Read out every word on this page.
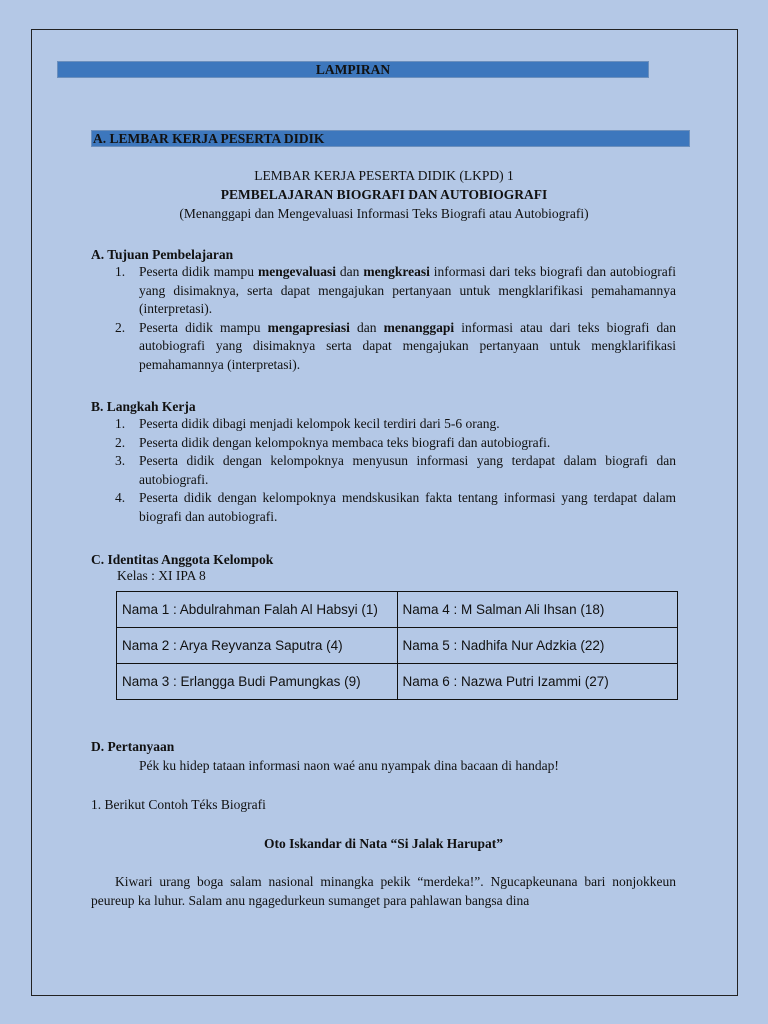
LAMPIRAN
A. LEMBAR KERJA PESERTA DIDIK
LEMBAR KERJA PESERTA DIDIK (LKPD) 1
PEMBELAJARAN BIOGRAFI DAN AUTOBIOGRAFI
(Menanggapi dan Mengevaluasi Informasi Teks Biografi atau Autobiografi)
A. Tujuan Pembelajaran
1. Peserta didik mampu mengevaluasi dan mengkreasi informasi dari teks biografi dan autobiografi yang disimaknya, serta dapat mengajukan pertanyaan untuk mengklarifikasi pemahamannya (interpretasi).
2. Peserta didik mampu mengapresiasi dan menanggapi informasi atau dari teks biografi dan autobiografi yang disimaknya serta dapat mengajukan pertanyaan untuk mengklarifikasi pemahamannya (interpretasi).
B. Langkah Kerja
1. Peserta didik dibagi menjadi kelompok kecil terdiri dari 5-6 orang.
2. Peserta didik dengan kelompoknya membaca teks biografi dan autobiografi.
3. Peserta didik dengan kelompoknya menyusun informasi yang terdapat dalam biografi dan autobiografi.
4. Peserta didik dengan kelompoknya mendskusikan fakta tentang informasi yang terdapat dalam biografi dan autobiografi.
C. Identitas Anggota Kelompok
Kelas : XI IPA 8
Nama 1 : Abdulrahman Falah Al Habsyi (1)	Nama 4 : M Salman Ali Ihsan (18)
Nama 2 : Arya Reyvanza Saputra (4)	Nama 5 : Nadhifa Nur Adzkia (22)
Nama 3 : Erlangga Budi Pamungkas (9)	Nama 6 : Nazwa Putri Izammi (27)
D. Pertanyaan
Pék ku hidep tataan informasi naon waé anu nyampak dina bacaan di handap!
1. Berikut Contoh Téks Biografi
Oto Iskandar di Nata “Si Jalak Harupat”
Kiwari urang boga salam nasional minangka pekik “merdeka!”. Ngucapkeunana bari nonjokkeun peureup ka luhur. Salam anu ngagedurkeun sumanget para pahlawan bangsa dina
